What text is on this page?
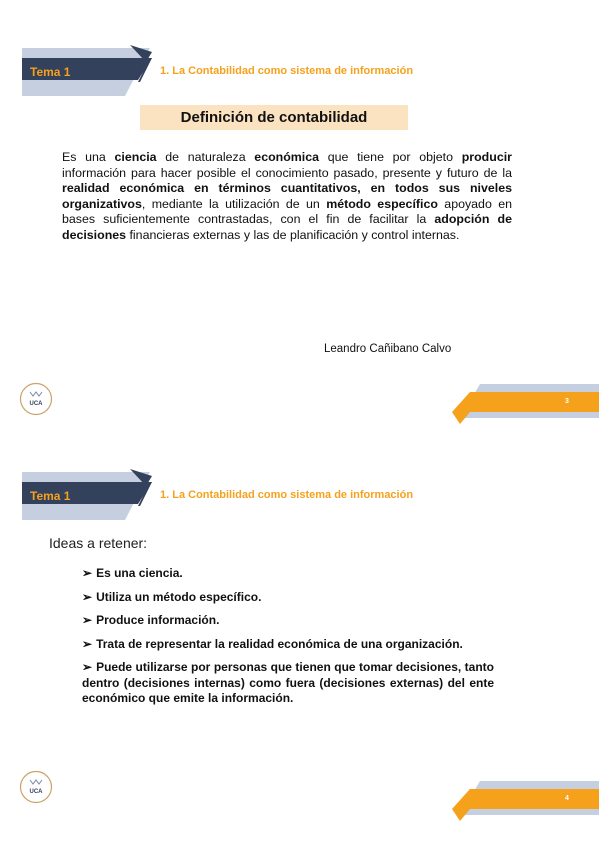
Tema 1	1. La Contabilidad como sistema de información
Definición de contabilidad
Es una ciencia de naturaleza económica que tiene por objeto producir información para hacer posible el conocimiento pasado, presente y futuro de la realidad económica en términos cuantitativos, en todos sus niveles organizativos, mediante la utilización de un método específico apoyado en bases suficientemente contrastadas, con el fin de facilitar la adopción de decisiones financieras externas y las de planificación y control internas.
Leandro Cañibano Calvo
UCA	3
Tema 1	1. La Contabilidad como sistema de información
Ideas a retener:
➢ Es una ciencia.
➢ Utiliza un método específico.
➢ Produce información.
➢ Trata de representar la realidad económica de una organización.
➢ Puede utilizarse por personas que tienen que tomar decisiones, tanto dentro (decisiones internas) como fuera (decisiones externas) del ente económico que emite la información.
UCA
4
